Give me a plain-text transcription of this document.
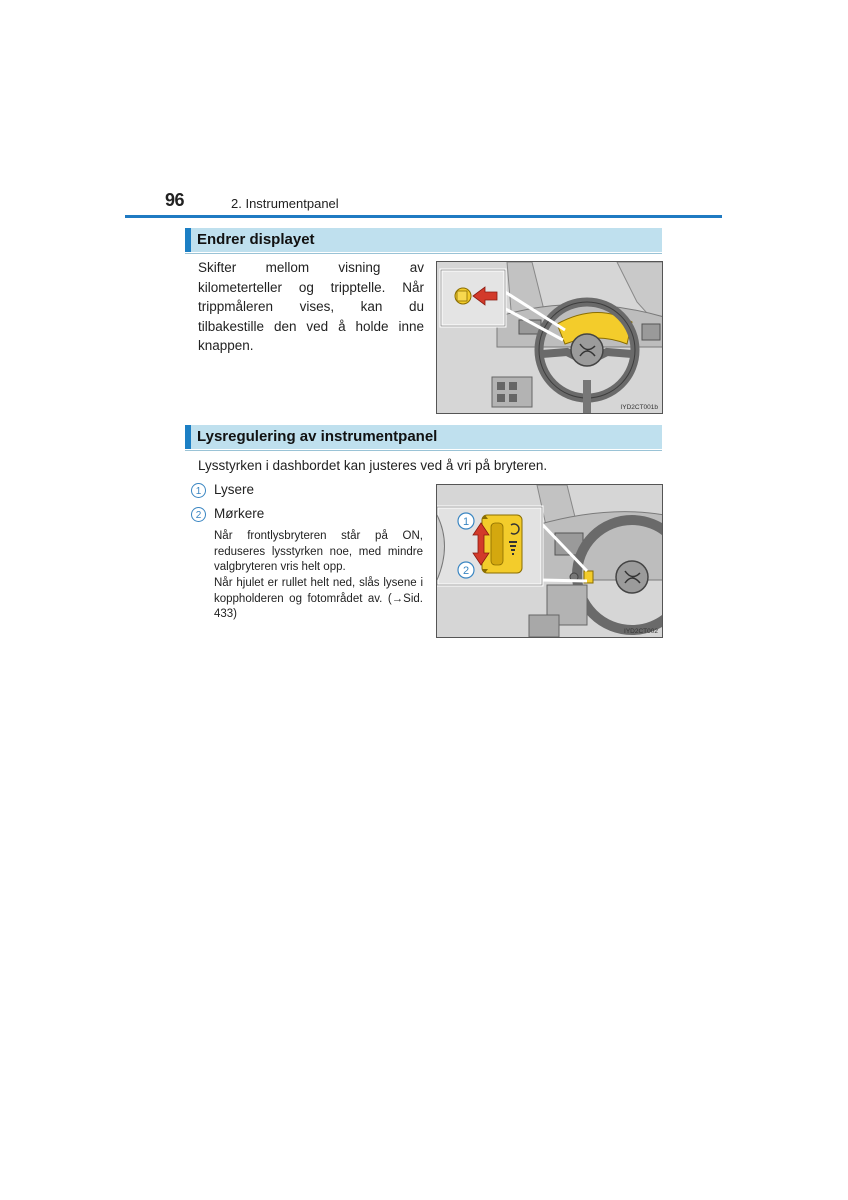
96	2. Instrumentpanel
Endrer displayet
Skifter mellom visning av kilometerteller og tripptelle. Når trippmåleren vises, kan du tilbakestille den ved å holde inne knappen.
IYD2CT001b
Lysregulering av instrumentpanel
Lysstyrken i dashbordet kan justeres ved å vri på bryteren.
1 Lysere
2 Mørkere
Når frontlysbryteren står på ON, reduseres lysstyrken noe, med mindre valgbryteren vris helt opp.
Når hjulet er rullet helt ned, slås lysene i koppholderen og fotområdet av. (→Sid. 433)
1
2
IYD2CT002
